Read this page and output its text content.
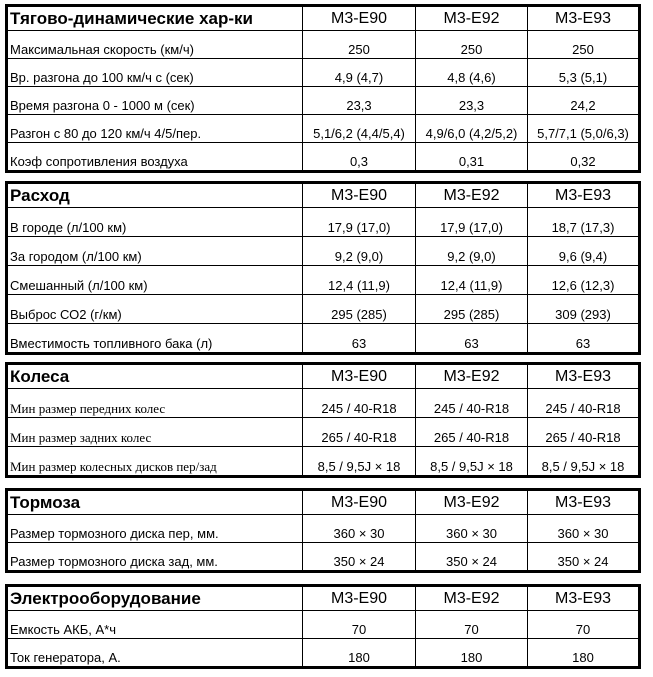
Тягово-динамические хар-ки	M3-E90	M3-E92	M3-E93
Максимальная скорость (км/ч)	250	250	250
Вр. разгона до 100 км/ч с (сек)	4,9 (4,7)	4,8 (4,6)	5,3 (5,1)
Время разгона 0 - 1000 м (сек)	23,3	23,3	24,2
Разгон с 80 до 120 км/ч 4/5/пер.	5,1/6,2 (4,4/5,4)	4,9/6,0 (4,2/5,2)	5,7/7,1 (5,0/6,3)
Коэф сопротивления воздуха	0,3	0,31	0,32
Расход	M3-E90	M3-E92	M3-E93
В городе (л/100 км)	17,9 (17,0)	17,9 (17,0)	18,7 (17,3)
За городом (л/100 км)	9,2 (9,0)	9,2 (9,0)	9,6 (9,4)
Смешанный (л/100 км)	12,4 (11,9)	12,4 (11,9)	12,6 (12,3)
Выброс СО2 (г/км)	295 (285)	295 (285)	309 (293)
Вместимость топливного бака (л)	63	63	63
Колеса	M3-E90	M3-E92	M3-E93
Мин размер передних колес	245 / 40-R18	245 / 40-R18	245 / 40-R18
Мин размер задних колес	265 / 40-R18	265 / 40-R18	265 / 40-R18
Мин размер колесных дисков пер/зад	8,5 / 9,5J × 18	8,5 / 9,5J × 18	8,5 / 9,5J × 18
Тормоза	M3-E90	M3-E92	M3-E93
Размер тормозного диска пер, мм.	360 × 30	360 × 30	360 × 30
Размер тормозного диска зад, мм.	350 × 24	350 × 24	350 × 24
Электрооборудование	M3-E90	M3-E92	M3-E93
Емкость АКБ, А*ч	70	70	70
Ток генератора, А.	180	180	180
